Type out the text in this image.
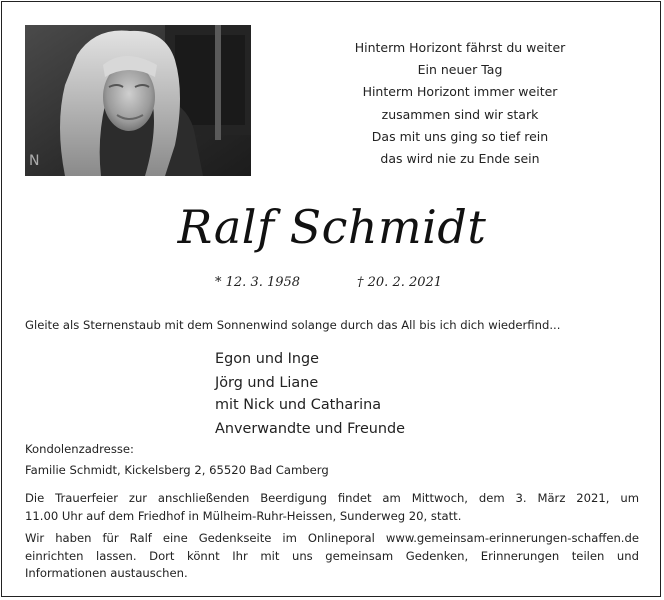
N
Hinterm Horizont fährst du weiter
Ein neuer Tag
Hinterm Horizont immer weiter
zusammen sind wir stark
Das mit uns ging so tief rein
das wird nie zu Ende sein
Ralf Schmidt
* 12. 3. 1958	† 20. 2. 2021
Gleite als Sternenstaub mit dem Sonnenwind solange durch das All bis ich dich wiederfind...
Egon und Inge
Jörg und Liane
mit Nick und Catharina
Anverwandte und Freunde
Kondolenzadresse:
Familie Schmidt, Kickelsberg 2, 65520 Bad Camberg
Die Trauerfeier zur anschließenden Beerdigung findet am Mittwoch, dem 3. März 2021, um
11.00 Uhr auf dem Friedhof in Mülheim-Ruhr-Heissen, Sunderweg 20, statt.
Wir haben für Ralf eine Gedenkseite im Onlineporal www.gemeinsam-erinnerungen-schaffen.de
einrichten lassen. Dort könnt Ihr mit uns gemeinsam Gedenken, Erinnerungen teilen und
Informationen austauschen.
